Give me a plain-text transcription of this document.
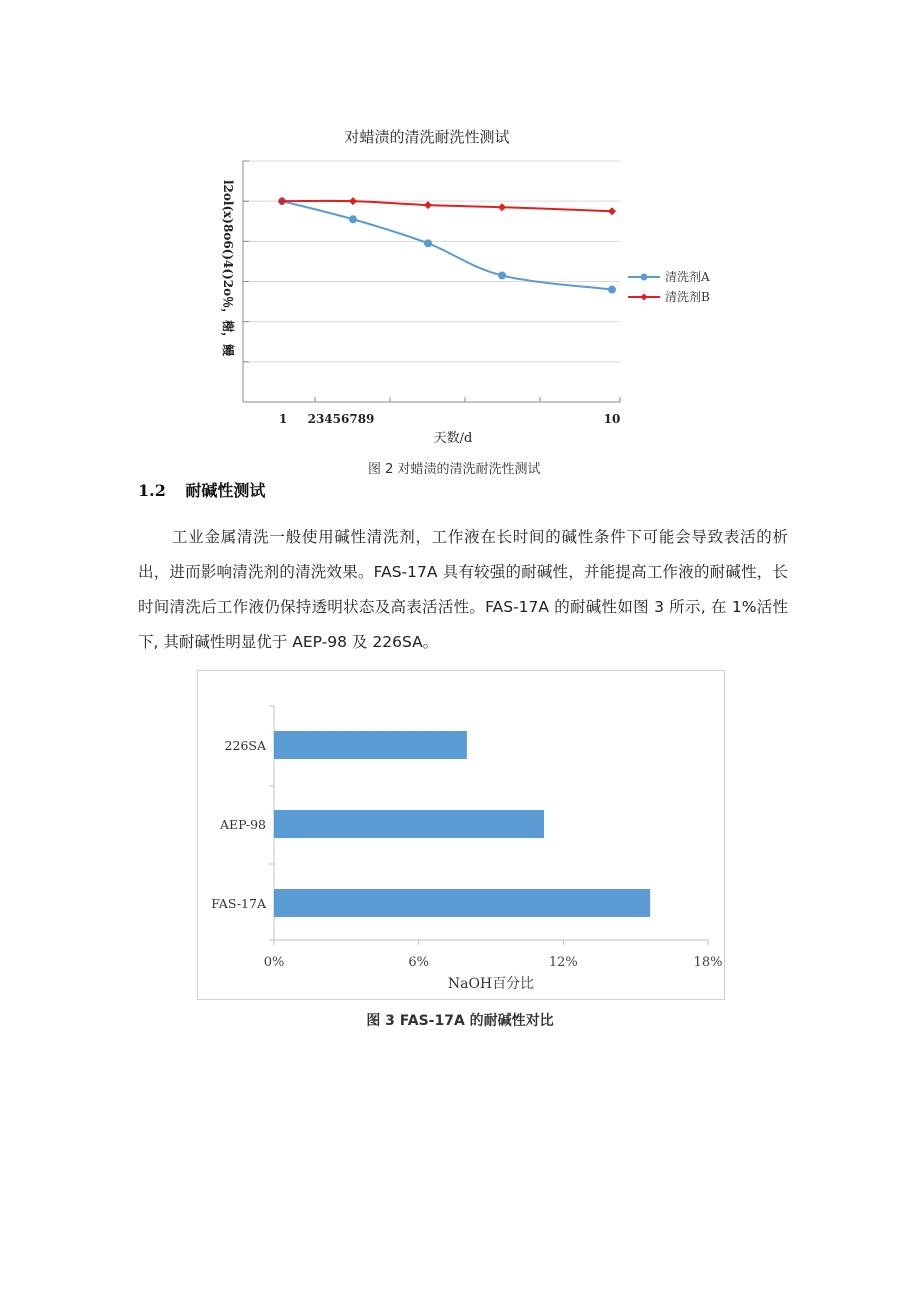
对蜡渍的清洗耐洗性测试
1 23456789	10
天数/d
清洗剂A
清洗剂B
l2ol(x)8o6()4()2o％，榭，鳗
图 2 对蜡渍的清洗耐洗性测试
1.2 耐碱性测试
工业金属清洗一般使用碱性清洗剂，工作液在长时间的碱性条件下可能会导致表活的析出，进而影响清洗剂的清洗效果。FAS-17A 具有较强的耐碱性，并能提高工作液的耐碱性，长时间清洗后工作液仍保持透明状态及高表活活性。FAS-17A 的耐碱性如图 3 所示, 在 1%活性下, 其耐碱性明显优于 AEP-98 及 226SA。
0%	6%	12%	18%
NaOH百分比
226SA
AEP-98
FAS-17A
图 3 FAS-17A 的耐碱性对比
